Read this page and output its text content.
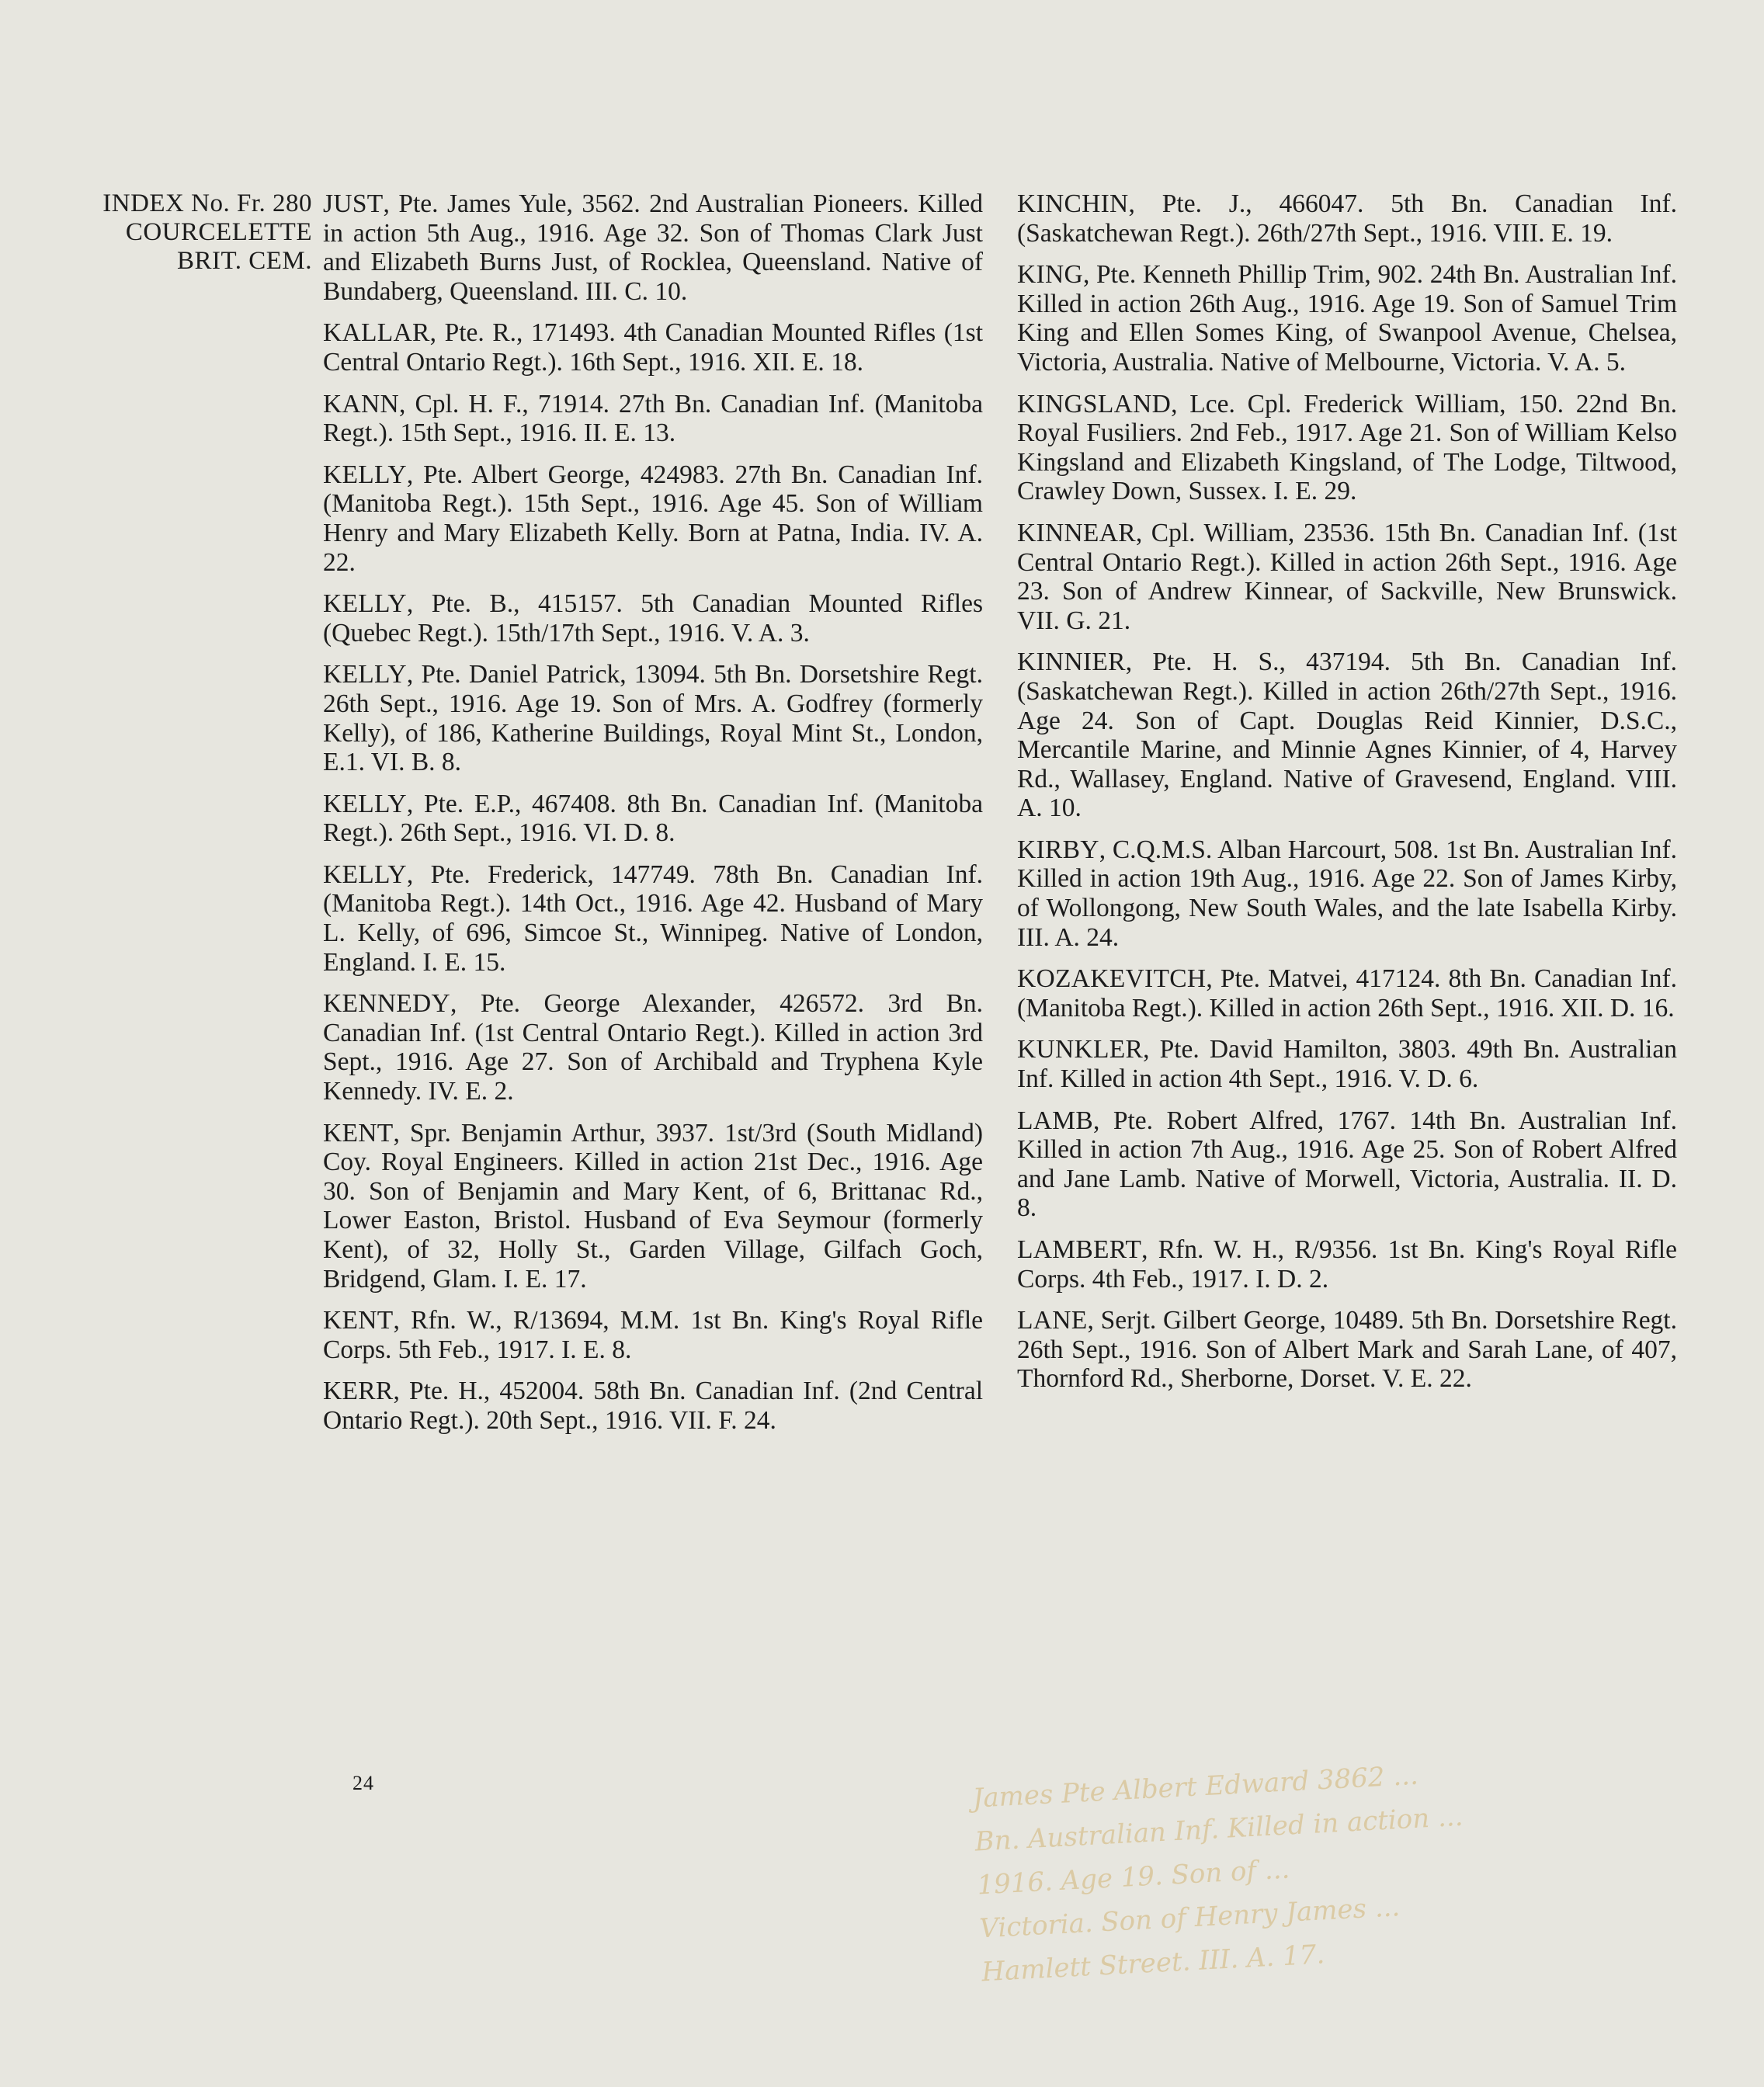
INDEX No. Fr. 280
COURCELETTE
BRIT. CEM.

JUST, Pte. James Yule, 3562. 2nd Australian Pioneers. Killed in action 5th Aug., 1916. Age 32. Son of Thomas Clark Just and Elizabeth Burns Just, of Rocklea, Queensland. Native of Bundaberg, Queensland. III. C. 10.

KALLAR, Pte. R., 171493. 4th Canadian Mounted Rifles (1st Central Ontario Regt.). 16th Sept., 1916. XII. E. 18.

KANN, Cpl. H. F., 71914. 27th Bn. Canadian Inf. (Manitoba Regt.). 15th Sept., 1916. II. E. 13.

KELLY, Pte. Albert George, 424983. 27th Bn. Canadian Inf. (Manitoba Regt.). 15th Sept., 1916. Age 45. Son of William Henry and Mary Elizabeth Kelly. Born at Patna, India. IV. A. 22.

KELLY, Pte. B., 415157. 5th Canadian Mounted Rifles (Quebec Regt.). 15th/17th Sept., 1916. V. A. 3.

KELLY, Pte. Daniel Patrick, 13094. 5th Bn. Dorsetshire Regt. 26th Sept., 1916. Age 19. Son of Mrs. A. Godfrey (formerly Kelly), of 186, Katherine Buildings, Royal Mint St., London, E.1. VI. B. 8.

KELLY, Pte. E.P., 467408. 8th Bn. Canadian Inf. (Manitoba Regt.). 26th Sept., 1916. VI. D. 8.

KELLY, Pte. Frederick, 147749. 78th Bn. Canadian Inf. (Manitoba Regt.). 14th Oct., 1916. Age 42. Husband of Mary L. Kelly, of 696, Simcoe St., Winnipeg. Native of London, England. I. E. 15.

KENNEDY, Pte. George Alexander, 426572. 3rd Bn. Canadian Inf. (1st Central Ontario Regt.). Killed in action 3rd Sept., 1916. Age 27. Son of Archibald and Tryphena Kyle Kennedy. IV. E. 2.

KENT, Spr. Benjamin Arthur, 3937. 1st/3rd (South Midland) Coy. Royal Engineers. Killed in action 21st Dec., 1916. Age 30. Son of Benjamin and Mary Kent, of 6, Brittanac Rd., Lower Easton, Bristol. Husband of Eva Seymour (formerly Kent), of 32, Holly St., Garden Village, Gilfach Goch, Bridgend, Glam. I. E. 17.

KENT, Rfn. W., R/13694, M.M. 1st Bn. King's Royal Rifle Corps. 5th Feb., 1917. I. E. 8.

KERR, Pte. H., 452004. 58th Bn. Canadian Inf. (2nd Central Ontario Regt.). 20th Sept., 1916. VII. F. 24.

KINCHIN, Pte. J., 466047. 5th Bn. Canadian Inf. (Saskatchewan Regt.). 26th/27th Sept., 1916. VIII. E. 19.

KING, Pte. Kenneth Phillip Trim, 902. 24th Bn. Australian Inf. Killed in action 26th Aug., 1916. Age 19. Son of Samuel Trim King and Ellen Somes King, of Swanpool Avenue, Chelsea, Victoria, Australia. Native of Melbourne, Victoria. V. A. 5.

KINGSLAND, Lce. Cpl. Frederick William, 150. 22nd Bn. Royal Fusiliers. 2nd Feb., 1917. Age 21. Son of William Kelso Kingsland and Elizabeth Kingsland, of The Lodge, Tiltwood, Crawley Down, Sussex. I. E. 29.

KINNEAR, Cpl. William, 23536. 15th Bn. Canadian Inf. (1st Central Ontario Regt.). Killed in action 26th Sept., 1916. Age 23. Son of Andrew Kinnear, of Sackville, New Brunswick. VII. G. 21.

KINNIER, Pte. H. S., 437194. 5th Bn. Canadian Inf. (Saskatchewan Regt.). Killed in action 26th/27th Sept., 1916. Age 24. Son of Capt. Douglas Reid Kinnier, D.S.C., Mercantile Marine, and Minnie Agnes Kinnier, of 4, Harvey Rd., Wallasey, England. Native of Gravesend, England. VIII. A. 10.

KIRBY, C.Q.M.S. Alban Harcourt, 508. 1st Bn. Australian Inf. Killed in action 19th Aug., 1916. Age 22. Son of James Kirby, of Wollongong, New South Wales, and the late Isabella Kirby. III. A. 24.

KOZAKEVITCH, Pte. Matvei, 417124. 8th Bn. Canadian Inf. (Manitoba Regt.). Killed in action 26th Sept., 1916. XII. D. 16.

KUNKLER, Pte. David Hamilton, 3803. 49th Bn. Australian Inf. Killed in action 4th Sept., 1916. V. D. 6.

LAMB, Pte. Robert Alfred, 1767. 14th Bn. Australian Inf. Killed in action 7th Aug., 1916. Age 25. Son of Robert Alfred and Jane Lamb. Native of Morwell, Victoria, Australia. II. D. 8.

LAMBERT, Rfn. W. H., R/9356. 1st Bn. King's Royal Rifle Corps. 4th Feb., 1917. I. D. 2.

LANE, Serjt. Gilbert George, 10489. 5th Bn. Dorsetshire Regt. 26th Sept., 1916. Son of Albert Mark and Sarah Lane, of 407, Thornford Rd., Sherborne, Dorset. V. E. 22.

24	James Pte Albert Edward 3862 ...
Bn. Australian Inf. Killed in action ...
1916. Age 19. Son of ...
Victoria. Son of Henry James ...
Hamlett Street. III. A. 17.
